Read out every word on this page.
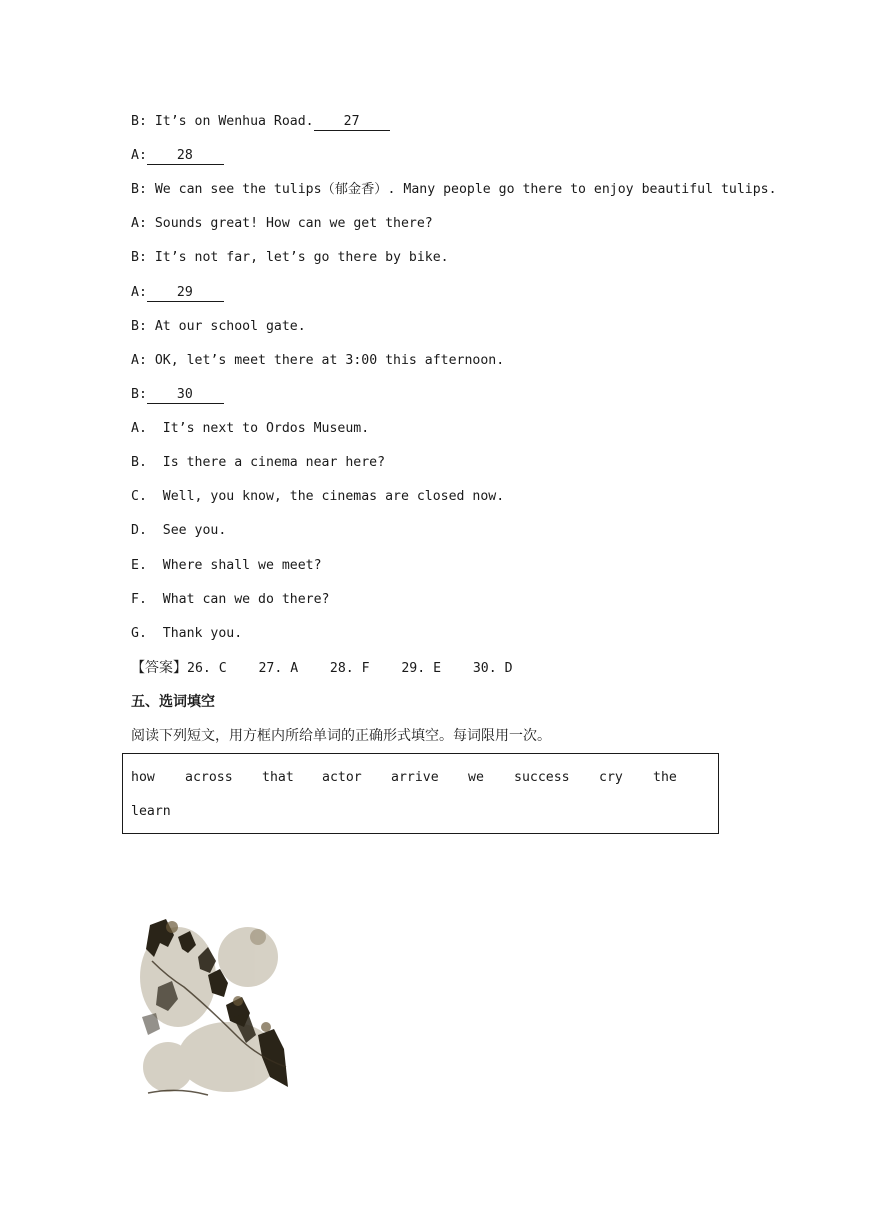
B: It’s on Wenhua Road. 27
A: 28
B: We can see the tulips（郁金香）. Many people go there to enjoy beautiful tulips.
A: Sounds great! How can we get there?
B: It’s not far, let’s go there by bike.
A: 29
B: At our school gate.
A: OK, let’s meet there at 3:00 this afternoon.
B: 30
A.  It’s next to Ordos Museum.
B.  Is there a cinema near here?
C.  Well, you know, the cinemas are closed now.
D.  See you.
E.  Where shall we meet?
F.  What can we do there?
G.  Thank you.
【答案】26. C    27. A    28. F    29. E    30. D
五、选词填空
阅读下列短文，用方框内所给单词的正确形式填空。每词限用一次。
how across that actor arrive we success cry the
learn
